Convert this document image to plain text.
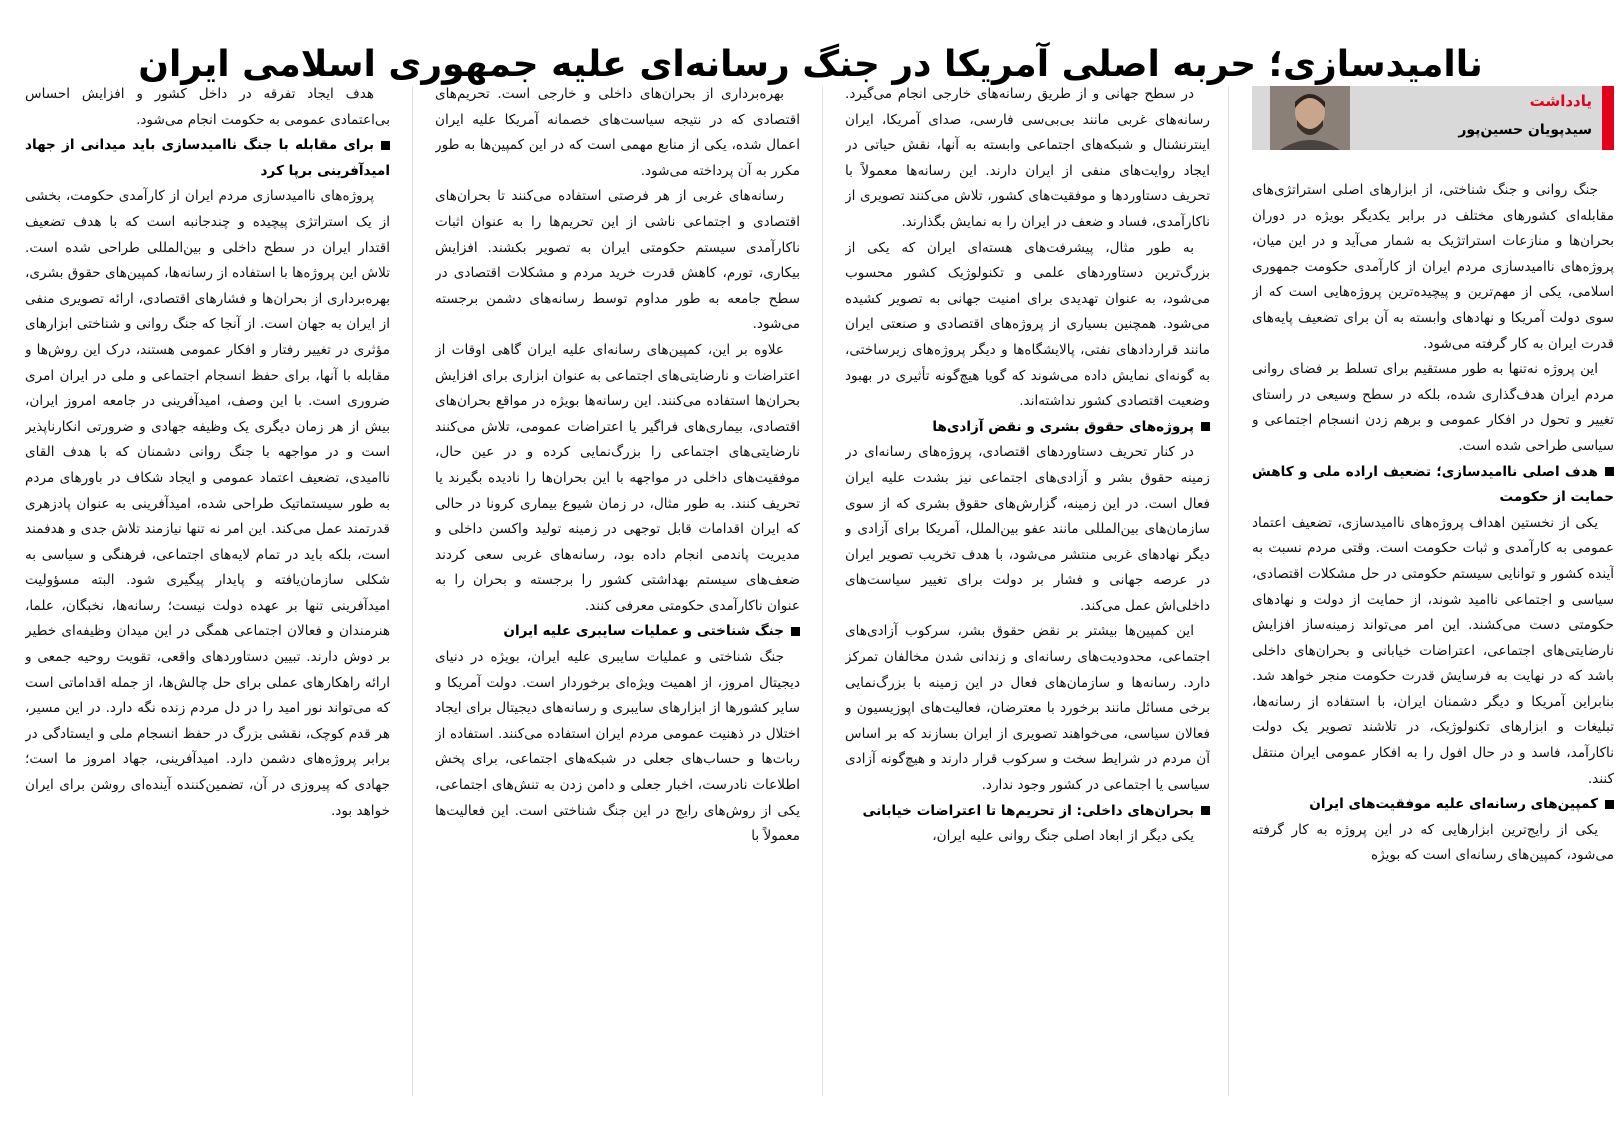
ناامیدسازی؛ حربه اصلی آمریکا در جنگ رسانه‌ای علیه جمهوری اسلامی ایران
یادداشت
سیدپویان حسین‌پور

جنگ روانی و جنگ شناختی، از ابزارهای اصلی استراتژی‌های مقابله‌ای کشورهای مختلف در برابر یکدیگر بویژه در دوران بحران‌ها و منازعات استراتژیک به شمار می‌آید و در این میان، پروژه‌های ناامیدسازی مردم ایران از کارآمدی حکومت جمهوری اسلامی، یکی از مهم‌ترین و پیچیده‌ترین پروژه‌هایی است که از سوی دولت آمریکا و نهادهای وابسته به آن برای تضعیف پایه‌های قدرت ایران به کار گرفته می‌شود.

این پروژه نه‌تنها به طور مستقیم برای تسلط بر فضای روانی مردم ایران هدف‌گذاری شده، بلکه در سطح وسیعی در راستای تغییر و تحول در افکار عمومی و برهم زدن انسجام اجتماعی و سیاسی طراحی شده است.

هدف اصلی ناامیدسازی؛ تضعیف اراده ملی و کاهش حمایت از حکومت

یکی از نخستین اهداف پروژه‌های ناامیدسازی، تضعیف اعتماد عمومی به کارآمدی و ثبات حکومت است. وقتی مردم نسبت به آینده کشور و توانایی سیستم حکومتی در حل مشکلات اقتصادی، سیاسی و اجتماعی ناامید شوند، از حمایت از دولت و نهادهای حکومتی دست می‌کشند. این امر می‌تواند زمینه‌ساز افزایش نارضایتی‌های اجتماعی، اعتراضات خیابانی و بحران‌های داخلی باشد که در نهایت به فرسایش قدرت حکومت منجر خواهد شد. بنابراین آمریکا و دیگر دشمنان ایران، با استفاده از رسانه‌ها، تبلیغات و ابزارهای تکنولوژیک، در تلاشند تصویر یک دولت ناکارآمد، فاسد و در حال افول را به افکار عمومی ایران منتقل کنند.

کمپین‌های رسانه‌ای علیه موفقیت‌های ایران

یکی از رایج‌ترین ابزارهایی که در این پروژه به کار گرفته می‌شود، کمپین‌های رسانه‌ای است که بویژه

در سطح جهانی و از طریق رسانه‌های خارجی انجام می‌گیرد. رسانه‌های غربی مانند بی‌بی‌سی فارسی، صدای آمریکا، ایران اینترنشنال و شبکه‌های اجتماعی وابسته به آنها، نقش حیاتی در ایجاد روایت‌های منفی از ایران دارند. این رسانه‌ها معمولاً با تحریف دستاوردها و موفقیت‌های کشور، تلاش می‌کنند تصویری از ناکارآمدی، فساد و ضعف در ایران را به نمایش بگذارند.

به طور مثال، پیشرفت‌های هسته‌ای ایران که یکی از بزرگ‌ترین دستاوردهای علمی و تکنولوژیک کشور محسوب می‌شود، به عنوان تهدیدی برای امنیت جهانی به تصویر کشیده می‌شود. همچنین بسیاری از پروژه‌های اقتصادی و صنعتی ایران مانند قراردادهای نفتی، پالایشگاه‌ها و دیگر پروژه‌های زیرساختی، به گونه‌ای نمایش داده می‌شوند که گویا هیچ‌گونه تأثیری در بهبود وضعیت اقتصادی کشور نداشته‌اند.

پروژه‌های حقوق بشری و نقض آزادی‌ها

در کنار تحریف دستاوردهای اقتصادی، پروژه‌های رسانه‌ای در زمینه حقوق بشر و آزادی‌های اجتماعی نیز بشدت علیه ایران فعال است. در این زمینه، گزارش‌های حقوق بشری که از سوی سازمان‌های بین‌المللی مانند عفو بین‌الملل، آمریکا برای آزادی و دیگر نهادهای غربی منتشر می‌شود، با هدف تخریب تصویر ایران در عرصه جهانی و فشار بر دولت برای تغییر سیاست‌های داخلی‌اش عمل می‌کند.

این کمپین‌ها بیشتر بر نقض حقوق بشر، سرکوب آزادی‌های اجتماعی، محدودیت‌های رسانه‌ای و زندانی شدن مخالفان تمرکز دارد. رسانه‌ها و سازمان‌های فعال در این زمینه با بزرگ‌نمایی برخی مسائل مانند برخورد با معترضان، فعالیت‌های اپوزیسیون و فعالان سیاسی، می‌خواهند تصویری از ایران بسازند که بر اساس آن مردم در شرایط سخت و سرکوب قرار دارند و هیچ‌گونه آزادی سیاسی یا اجتماعی در کشور وجود ندارد.

بحران‌های داخلی: از تحریم‌ها تا اعتراضات خیابانی

یکی دیگر از ابعاد اصلی جنگ روانی علیه ایران،

بهره‌برداری از بحران‌های داخلی و خارجی است. تحریم‌های اقتصادی که در نتیجه سیاست‌های خصمانه آمریکا علیه ایران اعمال شده، یکی از منابع مهمی است که در این کمپین‌ها به طور مکرر به آن پرداخته می‌شود.

رسانه‌های غربی از هر فرصتی استفاده می‌کنند تا بحران‌های اقتصادی و اجتماعی ناشی از این تحریم‌ها را به عنوان اثبات ناکارآمدی سیستم حکومتی ایران به تصویر بکشند. افزایش بیکاری، تورم، کاهش قدرت خرید مردم و مشکلات اقتصادی در سطح جامعه به طور مداوم توسط رسانه‌های دشمن برجسته می‌شود.

علاوه بر این، کمپین‌های رسانه‌ای علیه ایران گاهی اوقات از اعتراضات و نارضایتی‌های اجتماعی به عنوان ابزاری برای افزایش بحران‌ها استفاده می‌کنند. این رسانه‌ها بویژه در مواقع بحران‌های اقتصادی، بیماری‌های فراگیر یا اعتراضات عمومی، تلاش می‌کنند نارضایتی‌های اجتماعی را بزرگ‌نمایی کرده و در عین حال، موفقیت‌های داخلی در مواجهه با این بحران‌ها را نادیده بگیرند یا تحریف کنند. به طور مثال، در زمان شیوع بیماری کرونا در حالی که ایران اقدامات قابل توجهی در زمینه تولید واکسن داخلی و مدیریت پاندمی انجام داده بود، رسانه‌های غربی سعی کردند ضعف‌های سیستم بهداشتی کشور را برجسته و بحران را به عنوان ناکارآمدی حکومتی معرفی کنند.

جنگ شناختی و عملیات سایبری علیه ایران

جنگ شناختی و عملیات سایبری علیه ایران، بویژه در دنیای دیجیتال امروز، از اهمیت ویژه‌ای برخوردار است. دولت آمریکا و سایر کشورها از ابزارهای سایبری و رسانه‌های دیجیتال برای ایجاد اختلال در ذهنیت عمومی مردم ایران استفاده می‌کنند. استفاده از ربات‌ها و حساب‌های جعلی در شبکه‌های اجتماعی، برای پخش اطلاعات نادرست، اخبار جعلی و دامن زدن به تنش‌های اجتماعی، یکی از روش‌های رایج در این جنگ شناختی است. این فعالیت‌ها معمولاً با

هدف ایجاد تفرقه در داخل کشور و افزایش احساس بی‌اعتمادی عمومی به حکومت انجام می‌شود.

برای مقابله با جنگ ناامیدسازی باید میدانی از جهاد امیدآفرینی برپا کرد

پروژه‌های ناامیدسازی مردم ایران از کارآمدی حکومت، بخشی از یک استراتژی پیچیده و چندجانبه است که با هدف تضعیف اقتدار ایران در سطح داخلی و بین‌المللی طراحی شده است. تلاش این پروژه‌ها با استفاده از رسانه‌ها، کمپین‌های حقوق بشری، بهره‌برداری از بحران‌ها و فشارهای اقتصادی، ارائه تصویری منفی از ایران به جهان است. از آنجا که جنگ روانی و شناختی ابزارهای مؤثری در تغییر رفتار و افکار عمومی هستند، درک این روش‌ها و مقابله با آنها، برای حفظ انسجام اجتماعی و ملی در ایران امری ضروری است. با این وصف، امیدآفرینی در جامعه امروز ایران، بیش از هر زمان دیگری یک وظیفه جهادی و ضرورتی انکارناپذیر است و در مواجهه با جنگ روانی دشمنان که با هدف القای ناامیدی، تضعیف اعتماد عمومی و ایجاد شکاف در باورهای مردم به طور سیستماتیک طراحی شده، امیدآفرینی به عنوان پادزهری قدرتمند عمل می‌کند. این امر نه تنها نیازمند تلاش جدی و هدفمند است، بلکه باید در تمام لایه‌های اجتماعی، فرهنگی و سیاسی به شکلی سازمان‌یافته و پایدار پیگیری شود. البته مسؤولیت امیدآفرینی تنها بر عهده دولت نیست؛ رسانه‌ها، نخبگان، علما، هنرمندان و فعالان اجتماعی همگی در این میدان وظیفه‌ای خطیر بر دوش دارند. تبیین دستاوردهای واقعی، تقویت روحیه جمعی و ارائه راهکارهای عملی برای حل چالش‌ها، از جمله اقداماتی است که می‌تواند نور امید را در دل مردم زنده نگه دارد. در این مسیر، هر قدم کوچک، نقشی بزرگ در حفظ انسجام ملی و ایستادگی در برابر پروژه‌های دشمن دارد. امیدآفرینی، جهاد امروز ما است؛ جهادی که پیروزی در آن، تضمین‌کننده آینده‌ای روشن برای ایران خواهد بود.
